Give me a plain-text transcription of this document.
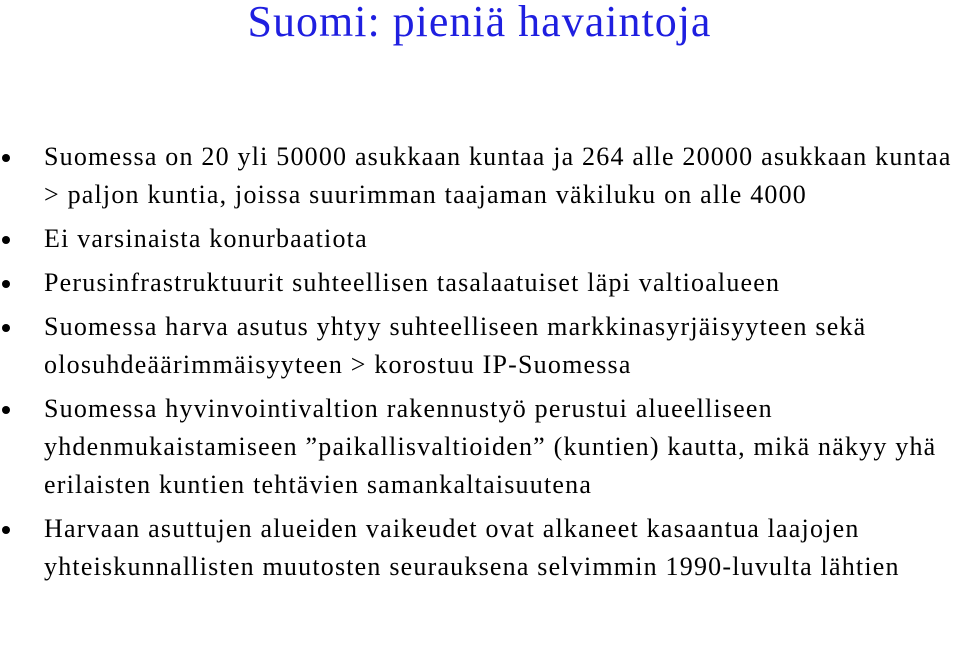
Suomi: pieniä havaintoja
Suomessa on 20 yli 50000 asukkaan kuntaa ja 264 alle 20000 asukkaan kuntaa > paljon kuntia, joissa suurimman taajaman väkiluku on alle 4000
Ei varsinaista konurbaatiota
Perusinfrastruktuurit suhteellisen tasalaatuiset läpi valtioalueen
Suomessa harva asutus yhtyy suhteelliseen markkinasyrjäisyyteen sekä olosuhdeäärimmäisyyteen > korostuu IP-Suomessa
Suomessa hyvinvointivaltion rakennustyö perustui alueelliseen yhdenmukaistamiseen ”paikallisvaltioiden” (kuntien) kautta, mikä näkyy yhä erilaisten kuntien tehtävien samankaltaisuutena
Harvaan asuttujen alueiden vaikeudet ovat alkaneet kasaantua laajojen yhteiskunnallisten muutosten seurauksena selvimmin 1990-luvulta lähtien
